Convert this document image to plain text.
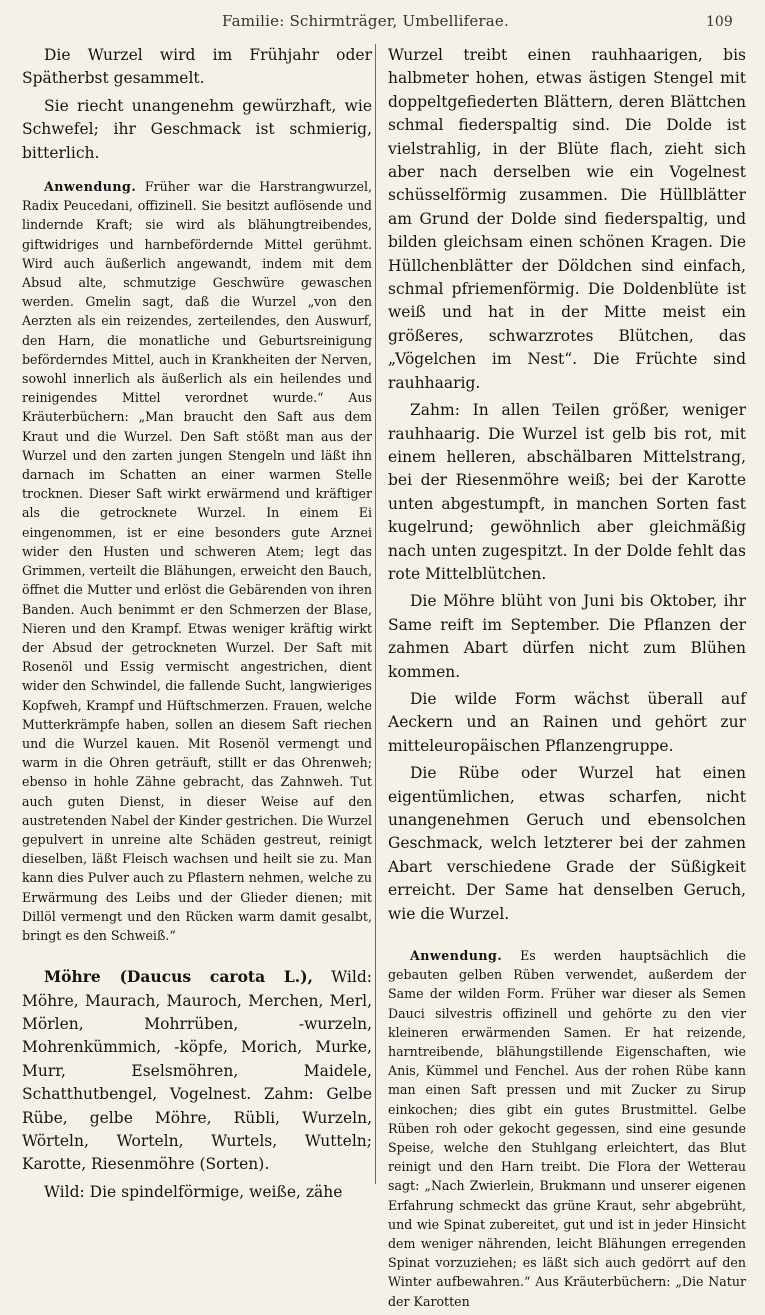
Familie: Schirmträger, Umbelliferae.	109

Die Wurzel wird im Frühjahr oder Spätherbst gesammelt.

Sie riecht unangenehm gewürzhaft, wie Schwefel; ihr Geschmack ist schmierig, bitterlich.

Anwendung. Früher war die Harstrangwurzel, Radix Peucedani, offizinell. Sie besitzt auflösende und lindernde Kraft; sie wird als blähungtreibendes, giftwidriges und harnbefördernde Mittel gerühmt. Wird auch äußerlich angewandt, indem mit dem Absud alte, schmutzige Geschwüre gewaschen werden. Gmelin sagt, daß die Wurzel „von den Aerzten als ein reizendes, zerteilendes, den Auswurf, den Harn, die monatliche und Geburtsreinigung beförderndes Mittel, auch in Krankheiten der Nerven, sowohl innerlich als äußerlich als ein heilendes und reinigendes Mittel verordnet wurde.“ Aus Kräuterbüchern: „Man braucht den Saft aus dem Kraut und die Wurzel. Den Saft stößt man aus der Wurzel und den zarten jungen Stengeln und läßt ihn darnach im Schatten an einer warmen Stelle trocknen. Dieser Saft wirkt erwärmend und kräftiger als die getrocknete Wurzel. In einem Ei eingenommen, ist er eine besonders gute Arznei wider den Husten und schweren Atem; legt das Grimmen, verteilt die Blähungen, erweicht den Bauch, öffnet die Mutter und erlöst die Gebärenden von ihren Banden. Auch benimmt er den Schmerzen der Blase, Nieren und den Krampf. Etwas weniger kräftig wirkt der Absud der getrockneten Wurzel. Der Saft mit Rosenöl und Essig vermischt angestrichen, dient wider den Schwindel, die fallende Sucht, langwieriges Kopfweh, Krampf und Hüftschmerzen. Frauen, welche Mutterkrämpfe haben, sollen an diesem Saft riechen und die Wurzel kauen. Mit Rosenöl vermengt und warm in die Ohren geträuft, stillt er das Ohrenweh; ebenso in hohle Zähne gebracht, das Zahnweh. Tut auch guten Dienst, in dieser Weise auf den austretenden Nabel der Kinder gestrichen. Die Wurzel gepulvert in unreine alte Schäden gestreut, reinigt dieselben, läßt Fleisch wachsen und heilt sie zu. Man kann dies Pulver auch zu Pflastern nehmen, welche zu Erwärmung des Leibs und der Glieder dienen; mit Dillöl vermengt und den Rücken warm damit gesalbt, bringt es den Schweiß.“

Möhre (Daucus carota L.), Wild: Möhre, Maurach, Mauroch, Merchen, Merl, Mörlen, Mohrrüben, -wurzeln, Mohrenkümmich, -köpfe, Morich, Murke, Murr, Eselsmöhren, Maidele, Schatthutbengel, Vogelnest. Zahm: Gelbe Rübe, gelbe Möhre, Rübli, Wurzeln, Wörteln, Worteln, Wurtels, Wutteln; Karotte, Riesenmöhre (Sorten).

Wild: Die spindelförmige, weiße, zähe

Wurzel treibt einen rauhhaarigen, bis halbmeter hohen, etwas ästigen Stengel mit doppeltgefiederten Blättern, deren Blättchen schmal fiederspaltig sind. Die Dolde ist vielstrahlig, in der Blüte flach, zieht sich aber nach derselben wie ein Vogelnest schüsselförmig zusammen. Die Hüllblätter am Grund der Dolde sind fiederspaltig, und bilden gleichsam einen schönen Kragen. Die Hüllchenblätter der Döldchen sind einfach, schmal pfriemenförmig. Die Doldenblüte ist weiß und hat in der Mitte meist ein größeres, schwarzrotes Blütchen, das „Vögelchen im Nest“. Die Früchte sind rauhhaarig.

Zahm: In allen Teilen größer, weniger rauhhaarig. Die Wurzel ist gelb bis rot, mit einem helleren, abschälbaren Mittelstrang, bei der Riesenmöhre weiß; bei der Karotte unten abgestumpft, in manchen Sorten fast kugelrund; gewöhnlich aber gleichmäßig nach unten zugespitzt. In der Dolde fehlt das rote Mittelblütchen.

Die Möhre blüht von Juni bis Oktober, ihr Same reift im September. Die Pflanzen der zahmen Abart dürfen nicht zum Blühen kommen.

Die wilde Form wächst überall auf Aeckern und an Rainen und gehört zur mitteleuropäischen Pflanzengruppe.

Die Rübe oder Wurzel hat einen eigentümlichen, etwas scharfen, nicht unangenehmen Geruch und ebensolchen Geschmack, welch letzterer bei der zahmen Abart verschiedene Grade der Süßigkeit erreicht. Der Same hat denselben Geruch, wie die Wurzel.

Anwendung. Es werden hauptsächlich die gebauten gelben Rüben verwendet, außerdem der Same der wilden Form. Früher war dieser als Semen Dauci silvestris offizinell und gehörte zu den vier kleineren erwärmenden Samen. Er hat reizende, harntreibende, blähungstillende Eigenschaften, wie Anis, Kümmel und Fenchel. Aus der rohen Rübe kann man einen Saft pressen und mit Zucker zu Sirup einkochen; dies gibt ein gutes Brustmittel. Gelbe Rüben roh oder gekocht gegessen, sind eine gesunde Speise, welche den Stuhlgang erleichtert, das Blut reinigt und den Harn treibt. Die Flora der Wetterau sagt: „Nach Zwierlein, Brukmann und unserer eigenen Erfahrung schmeckt das grüne Kraut, sehr abgebrüht, und wie Spinat zubereitet, gut und ist in jeder Hinsicht dem weniger nährenden, leicht Blähungen erregenden Spinat vorzuziehen; es läßt sich auch gedörrt auf den Winter aufbewahren.“ Aus Kräuterbüchern: „Die Natur der Karotten
